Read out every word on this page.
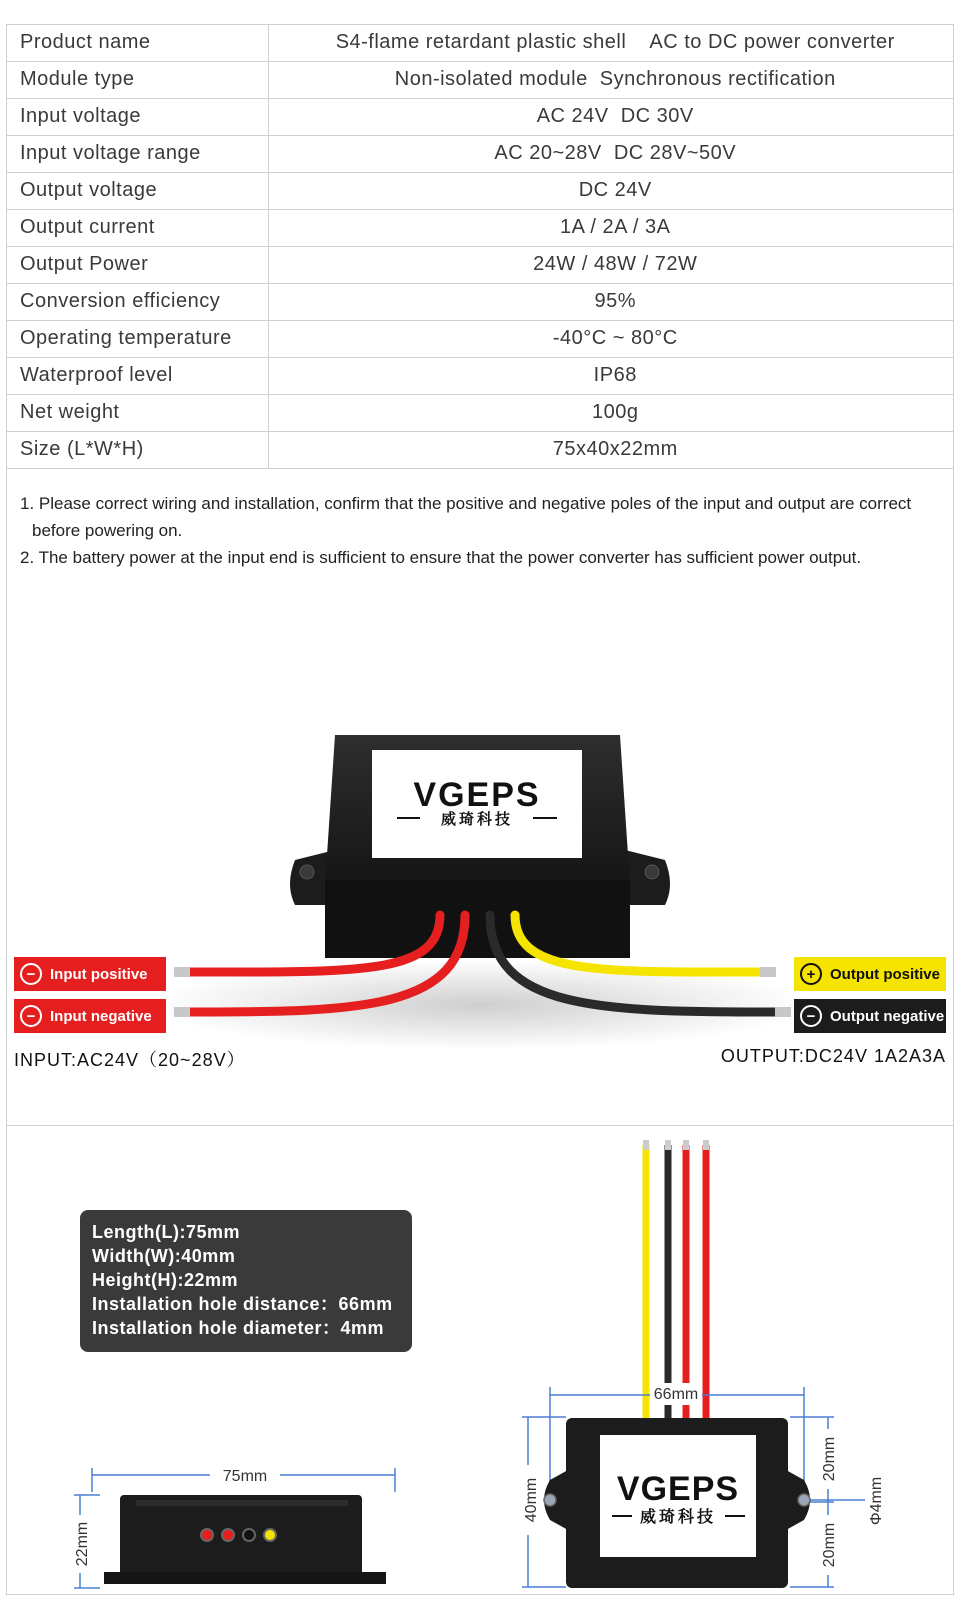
Product name	S4-flame retardant plastic shell    AC to DC power converter
Module type	Non-isolated module  Synchronous rectification
Input voltage	AC 24V  DC 30V
Input voltage range	AC 20~28V  DC 28V~50V
Output voltage	DC 24V
Output current	1A / 2A / 3A
Output Power	24W / 48W / 72W
Conversion efficiency	95%
Operating temperature	-40°C ~ 80°C
Waterproof level	IP68
Net weight	100g
Size (L*W*H)	75x40x22mm
1. Please correct wiring and installation, confirm that the positive and negative poles of the input and output are correct before powering on.
2. The battery power at the input end is sufficient to ensure that the power converter has sufficient power output.
VGEPS
威琦科技
− Input positive
− Input negative
+ Output positive
− Output negative
INPUT:AC24V（20~28V）	OUTPUT:DC24V 1A2A3A
Length(L):75mm
Width(W):40mm
Height(H):22mm
Installation hole distance：66mm
Installation hole diameter：4mm
75mm
22mm
66mm
40mm
20mm
20mm
Φ4mm
VGEPS
威琦科技
